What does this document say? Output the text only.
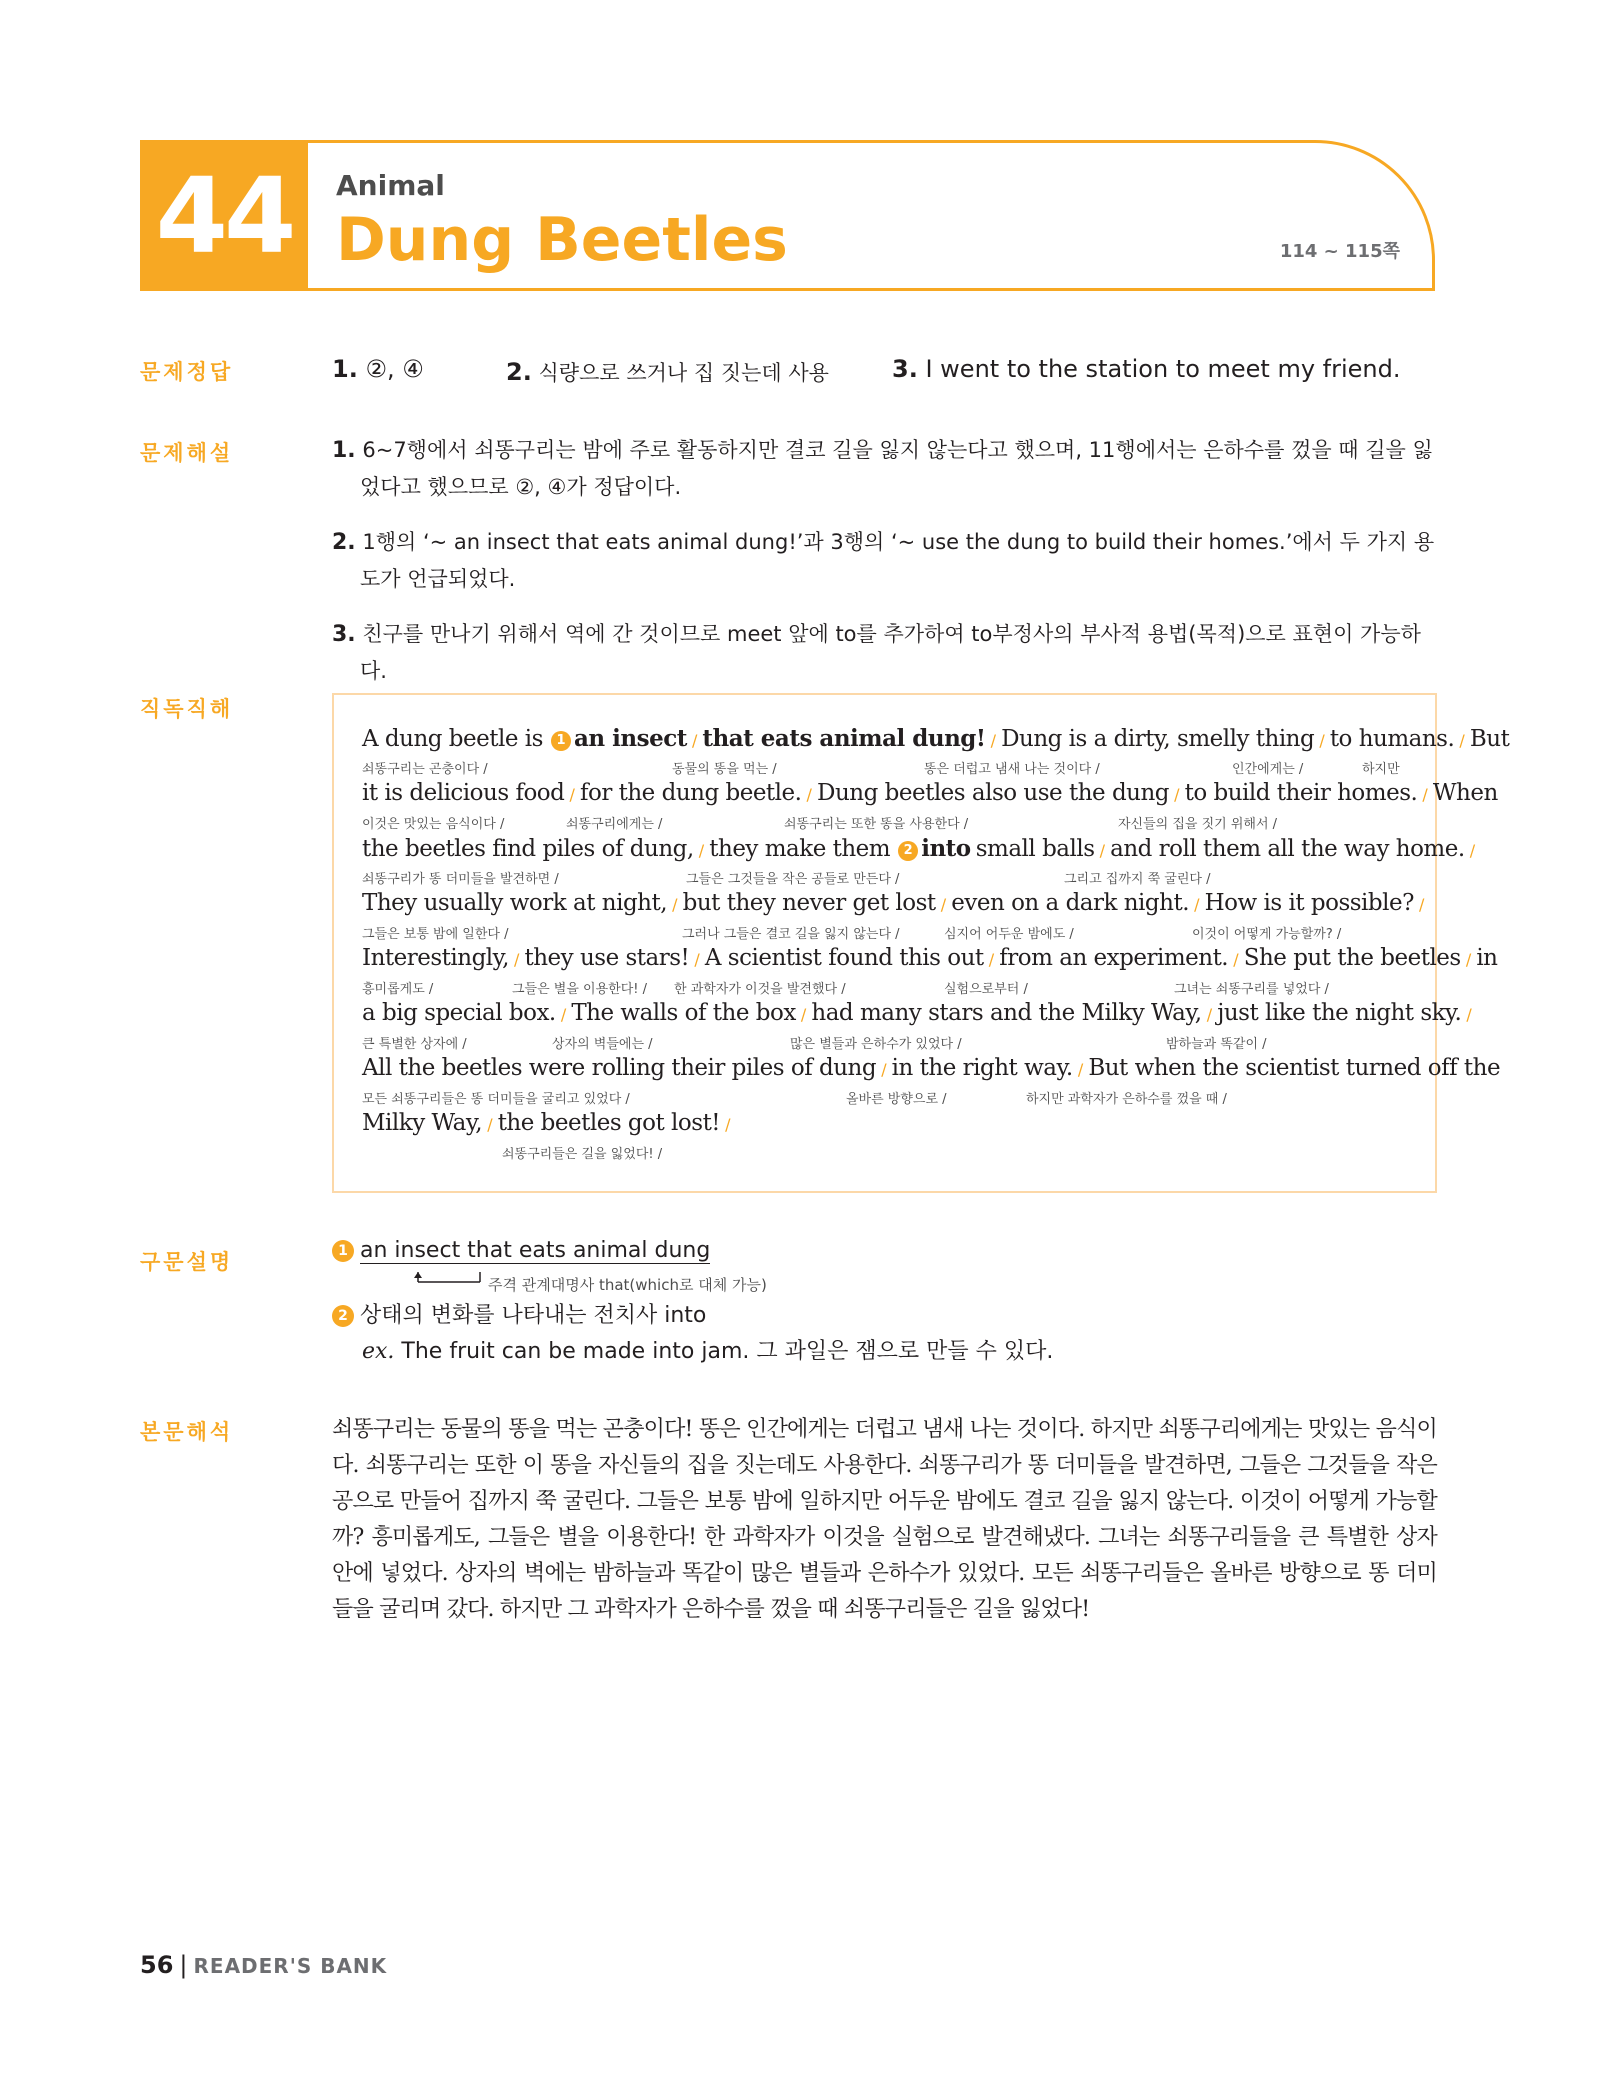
44 Animal
Dung Beetles	114 ~ 115쪽
문제정답
문제해설
직독직해
구문설명
본문해석
1. ②, ④	2. 식량으로 쓰거나 집 짓는데 사용	3. I went to the station to meet my friend.
1. 6~7행에서 쇠똥구리는 밤에 주로 활동하지만 결코 길을 잃지 않는다고 했으며, 11행에서는 은하수를 껐을 때 길을 잃었다고 했으므로 ②, ④가 정답이다.
2. 1행의 ‘~ an insect that eats animal dung!’과 3행의 ‘~ use the dung to build their homes.’에서 두 가지 용도가 언급되었다.
3. 친구를 만나기 위해서 역에 간 것이므로 meet 앞에 to를 추가하여 to부정사의 부사적 용법(목적)으로 표현이 가능하다.
A dung beetle is 1 an insect / that eats animal dung! / Dung is a dirty, smelly thing / to humans. / But
쇠똥구리는 곤충이다 /	동물의 똥을 먹는 /	똥은 더럽고 냄새 나는 것이다 /	인간에게는 /	하지만
it is delicious food / for the dung beetle. / Dung beetles also use the dung / to build their homes. / When
이것은 맛있는 음식이다 /	쇠똥구리에게는 /	쇠똥구리는 또한 똥을 사용한다 /	자신들의 집을 짓기 위해서 /
the beetles find piles of dung, / they make them 2 into small balls / and roll them all the way home. /
쇠똥구리가 똥 더미들을 발견하면 /	그들은 그것들을 작은 공들로 만든다 /	그리고 집까지 쭉 굴린다 /
They usually work at night, / but they never get lost / even on a dark night. / How is it possible? /
그들은 보통 밤에 일한다 /	그러나 그들은 결코 길을 잃지 않는다 /	심지어 어두운 밤에도 /	이것이 어떻게 가능할까? /
Interestingly, / they use stars! / A scientist found this out / from an experiment. / She put the beetles / in
흥미롭게도 /	그들은 별을 이용한다! / 한 과학자가 이것을 발견했다 /	실험으로부터 /	그녀는 쇠똥구리를 넣었다 /
a big special box. / The walls of the box / had many stars and the Milky Way, / just like the night sky. /
큰 특별한 상자에 /	상자의 벽들에는 /	많은 별들과 은하수가 있었다 /	밤하늘과 똑같이 /
All the beetles were rolling their piles of dung / in the right way. / But when the scientist turned off the
모든 쇠똥구리들은 똥 더미들을 굴리고 있었다 /	올바른 방향으로 /	하지만 과학자가 은하수를 껐을 때 /
Milky Way, / the beetles got lost! /
쇠똥구리들은 길을 잃었다! /
1 an insect that eats animal dung
주격 관계대명사 that(which로 대체 가능)
2 상태의 변화를 나타내는 전치사 into
ex. The fruit can be made into jam. 그 과일은 잼으로 만들 수 있다.
쇠똥구리는 동물의 똥을 먹는 곤충이다! 똥은 인간에게는 더럽고 냄새 나는 것이다. 하지만 쇠똥구리에게는 맛있는 음식이다. 쇠똥구리는 또한 이 똥을 자신들의 집을 짓는데도 사용한다. 쇠똥구리가 똥 더미들을 발견하면, 그들은 그것들을 작은 공으로 만들어 집까지 쭉 굴린다. 그들은 보통 밤에 일하지만 어두운 밤에도 결코 길을 잃지 않는다. 이것이 어떻게 가능할까? 흥미롭게도, 그들은 별을 이용한다! 한 과학자가 이것을 실험으로 발견해냈다. 그녀는 쇠똥구리들을 큰 특별한 상자 안에 넣었다. 상자의 벽에는 밤하늘과 똑같이 많은 별들과 은하수가 있었다. 모든 쇠똥구리들은 올바른 방향으로 똥 더미들을 굴리며 갔다. 하지만 그 과학자가 은하수를 껐을 때 쇠똥구리들은 길을 잃었다!
56 | READER'S BANK
